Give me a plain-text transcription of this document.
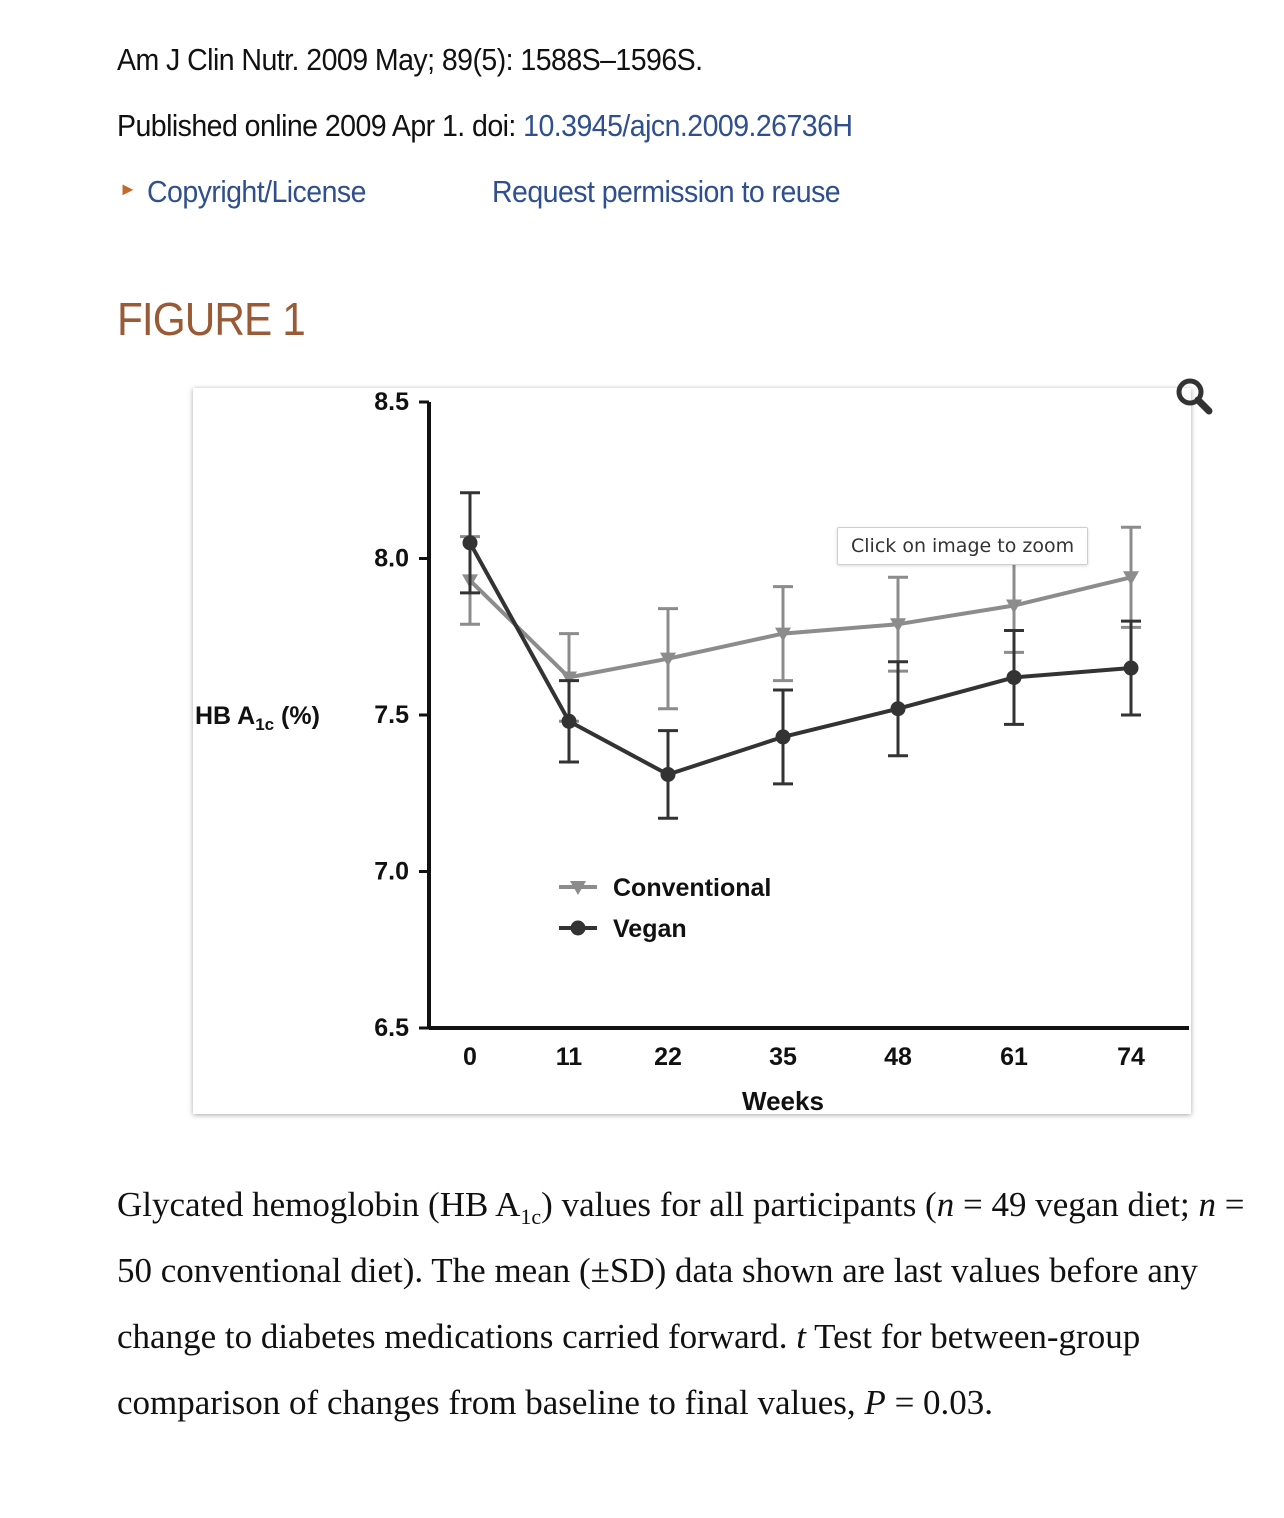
Am J Clin Nutr. 2009 May; 89(5): 1588S–1596S.
Published online 2009 Apr 1. doi: 10.3945/ajcn.2009.26736H
► Copyright/License	Request permission to reuse
FIGURE 1
6.5
7.0
7.5
8.0
8.5
0	11	22	35	48	61	74
Conventional
Vegan
HB $A_{1c}$ (%)
Weeks
Click on image to zoom

Glycated hemoglobin (HB $A_{1c}$) values for all participants (n = 49 vegan diet; n = 50 conventional diet). The mean (±SD) data shown are last values before any change to diabetes medications carried forward. t Test for between-group comparison of changes from baseline to final values, P = 0.03.
